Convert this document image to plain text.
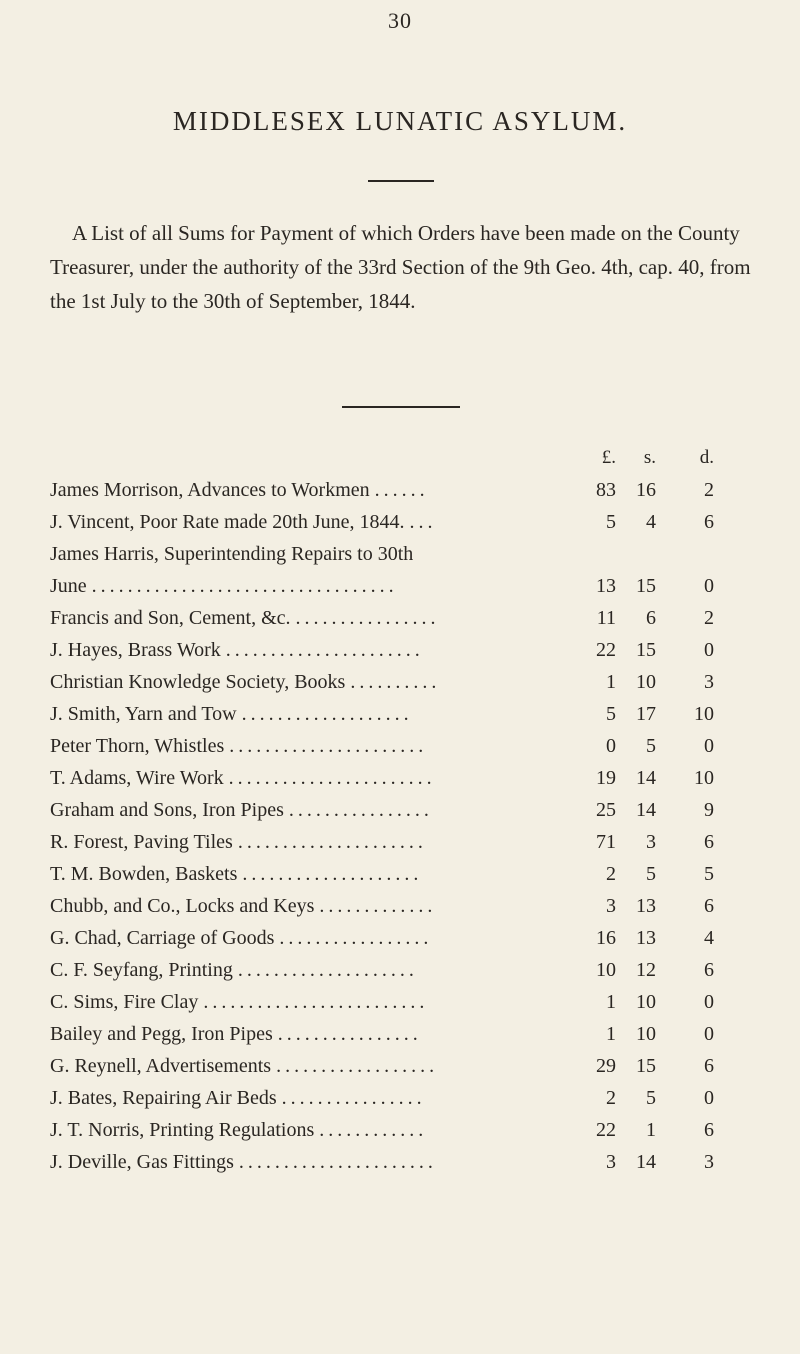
30
MIDDLESEX LUNATIC ASYLUM.
A List of all Sums for Payment of which Orders have been made on the County Treasurer, under the authority of the 33rd Section of the 9th Geo. 4th, cap. 40, from the 1st July to the 30th of September, 1844.
£.	s.	d.
James Morrison, Advances to Workmen ......	83	16	2
J. Vincent, Poor Rate made 20th June, 1844. ...	5	4	6
James Harris, Superintending Repairs to 30th
June ..................................	13	15	0
Francis and Son, Cement, &c. ................	11	6	2
J. Hayes, Brass Work ......................	22	15	0
Christian Knowledge Society, Books ..........	1	10	3
J. Smith, Yarn and Tow ...................	5	17	10
Peter Thorn, Whistles ......................	0	5	0
T. Adams, Wire Work .......................	19	14	10
Graham and Sons, Iron Pipes ................	25	14	9
R. Forest, Paving Tiles .....................	71	3	6
T. M. Bowden, Baskets ....................	2	5	5
Chubb, and Co., Locks and Keys .............	3	13	6
G. Chad, Carriage of Goods .................	16	13	4
C. F. Seyfang, Printing ....................	10	12	6
C. Sims, Fire Clay .........................	1	10	0
Bailey and Pegg, Iron Pipes ................	1	10	0
G. Reynell, Advertisements ..................	29	15	6
J. Bates, Repairing Air Beds ................	2	5	0
J. T. Norris, Printing Regulations ............	22	1	6
J. Deville, Gas Fittings ......................	3	14	3
